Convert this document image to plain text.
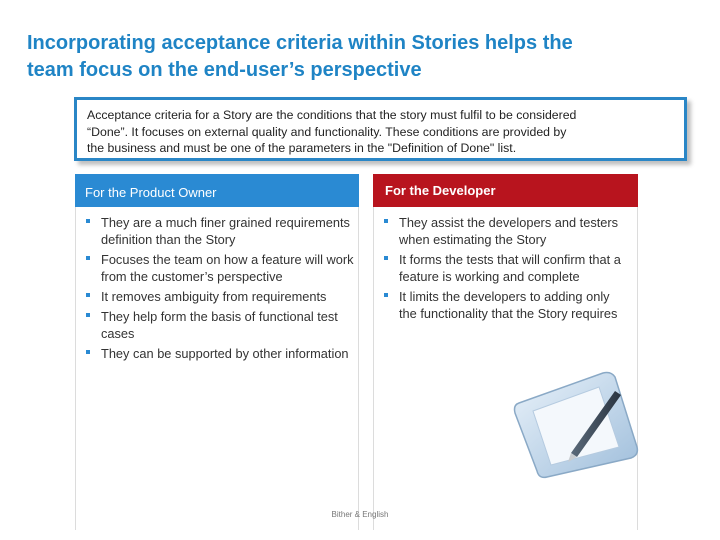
Incorporating acceptance criteria within Stories helps the
team focus on the end-user’s perspective
Acceptance criteria for a Story are the conditions that the story must fulfil to be considered
“Done”. It focuses on external quality and functionality. These conditions are provided by
the business and must be one of the parameters in the "Definition of Done" list.
For the Product Owner
They are a much finer grained requirements definition than the Story
Focuses the team on how a feature will work from the customer’s perspective
It removes ambiguity from requirements
They help form the basis of functional test cases
They can be supported by other information
For the Developer
They assist the developers and testers when estimating the Story
It forms the tests that will confirm that a feature is working and complete
It limits the developers to adding only the functionality that the Story requires
Bither & English
